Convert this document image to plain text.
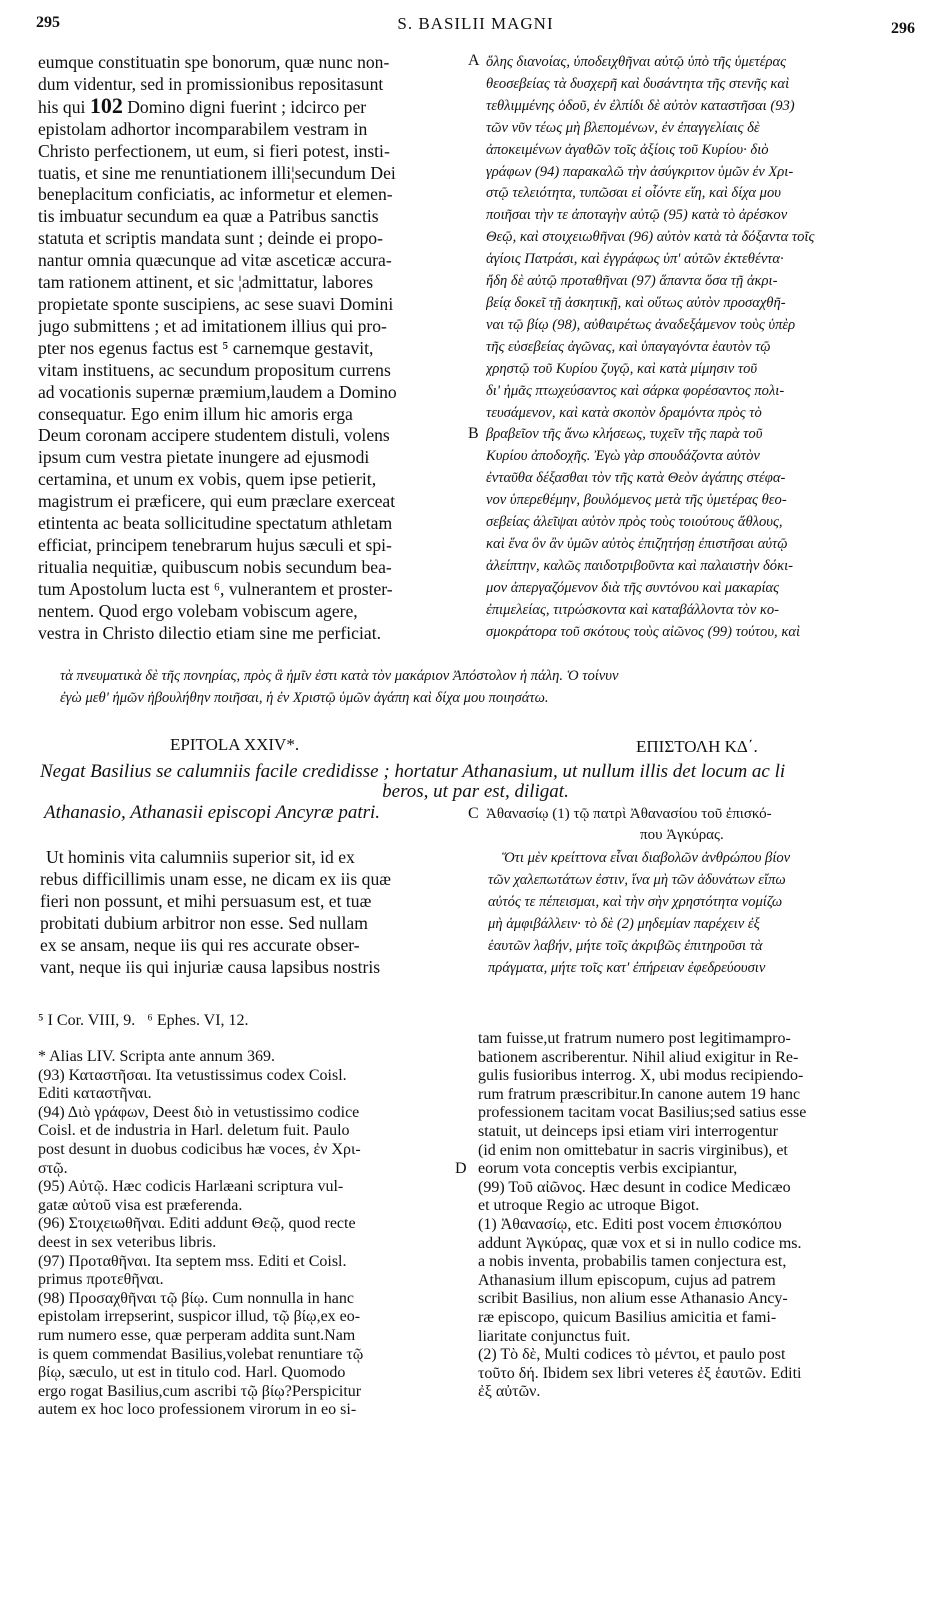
295	S. BASILII MAGNI	296
eumque constituatin spe bonorum, quæ nunc non-
dum videntur, sed in promissionibus repositasunt
his qui 102 Domino digni fuerint ; idcirco per
epistolam adhortor incomparabilem vestram in
Christo perfectionem, ut eum, si fieri potest, insti-
tuatis, et sine me renuntiationem illi¦secundum Dei
beneplacitum conficiatis, ac informetur et elemen-
tis imbuatur secundum ea quæ a Patribus sanctis
statuta et scriptis mandata sunt ; deinde ei propo-
nantur omnia quæcunque ad vitæ asceticæ accura-
tam rationem attinent, et sic ¦admittatur, labores
propietate sponte suscipiens, ac sese suavi Domini
jugo submittens ; et ad imitationem illius qui pro-
pter nos egenus factus est ⁵ carnemque gestavit,
vitam instituens, ac secundum propositum currens
ad vocationis supernæ præmium,laudem a Domino
consequatur. Ego enim illum hic amoris erga
Deum coronam accipere studentem distuli, volens
ipsum cum vestra pietate inungere ad ejusmodi
certamina, et unum ex vobis, quem ipse petierit,
magistrum ei præficere, qui eum præclare exerceat
etintenta ac beata sollicitudine spectatum athletam
efficiat, principem tenebrarum hujus sæculi et spi-
ritualia nequitiæ, quibuscum nobis secundum bea-
tum Apostolum lucta est ⁶, vulnerantem et proster-
nentem. Quod ergo volebam vobiscum agere,
vestra in Christo dilectio etiam sine me perficiat.
ὅλης διανοίας, ὑποδειχθῆναι αὐτῷ ὑπὸ τῆς ὑμετέρας
θεοσεβείας τὰ δυσχερῆ καὶ δυσάντητα τῆς στενῆς καὶ
τεθλιμμένης ὁδοῦ, ἐν ἐλπίδι δὲ αὐτὸν καταστῆσαι (93)
τῶν νῦν τέως μὴ βλεπομένων, ἐν ἐπαγγελίαις δὲ
ἀποκειμένων ἀγαθῶν τοῖς ἀξίοις τοῦ Κυρίου· διὸ
γράφων (94) παρακαλῶ τὴν ἀσύγκριτον ὑμῶν ἐν Χρι-
στῷ τελειότητα, τυπῶσαι εἰ οἷόντε εἴη, καὶ δίχα μου
ποιῆσαι τὴν τε ἀποταγὴν αὐτῷ (95) κατὰ τὸ ἀρέσκον
Θεῷ, καὶ στοιχειωθῆναι (96) αὐτὸν κατὰ τὰ δόξαντα τοῖς
ἁγίοις Πατράσι, καὶ ἐγγράφως ὑπ' αὐτῶν ἐκτεθέντα·
ἤδη δὲ αὐτῷ προταθῆναι (97) ἅπαντα ὅσα τῇ ἀκρι-
βείᾳ δοκεῖ τῇ ἀσκητικῇ, καὶ οὕτως αὐτὸν προσαχθῆ-
ναι τῷ βίῳ (98), αὐθαιρέτως ἀναδεξάμενον τοὺς ὑπὲρ
τῆς εὐσεβείας ἀγῶνας, καὶ ὑπαγαγόντα ἑαυτὸν τῷ
χρηστῷ τοῦ Κυρίου ζυγῷ, καὶ κατὰ μίμησιν τοῦ
δι' ἡμᾶς πτωχεύσαντος καὶ σάρκα φορέσαντος πολι-
τευσάμενον, καὶ κατὰ σκοπὸν δραμόντα πρὸς τὸ
βραβεῖον τῆς ἄνω κλήσεως, τυχεῖν τῆς παρὰ τοῦ
Κυρίου ἀποδοχῆς. Ἐγὼ γὰρ σπουδάζοντα αὐτὸν
ἐνταῦθα δέξασθαι τὸν τῆς κατὰ Θεὸν ἀγάπης στέφα-
νον ὑπερεθέμην, βουλόμενος μετὰ τῆς ὑμετέρας θεο-
σεβείας ἀλεῖψαι αὐτὸν πρὸς τοὺς τοιούτους ἄθλους,
καὶ ἕνα ὃν ἂν ὑμῶν αὐτὸς ἐπιζητήσῃ ἐπιστῆσαι αὐτῷ
ἀλείπτην, καλῶς παιδοτριβοῦντα καὶ παλαιστὴν δόκι-
μον ἀπεργαζόμενον διὰ τῆς συντόνου καὶ μακαρίας
ἐπιμελείας, τιτρώσκοντα καὶ καταβάλλοντα τὸν κο-
σμοκράτορα τοῦ σκότους τοὺς αἰῶνος (99) τούτου, καὶ
A
B
τὰ πνευματικὰ δὲ τῆς πονηρίας, πρὸς ἃ ἡμῖν ἐστι κατὰ τὸν μακάριον Ἀπόστολον ἡ πάλη. Ὁ τοίνυν
ἐγὼ μεθ' ἡμῶν ἠβουλήθην ποιῆσαι, ἡ ἐν Χριστῷ ὑμῶν ἀγάπη καὶ δίχα μου ποιησάτω.
EPITOLA XXIV*.	ΕΠΙΣΤΟΛΗ ΚΔ΄.
Negat Basilius se calumniis facile credidisse ; hortatur Athanasium, ut nullum illis det locum ac li
beros, ut par est, diligat.
Athanasio, Athanasii episcopi Ancyræ patri.	C Ἀθανασίῳ (1) τῷ πατρὶ Ἀθανασίου τοῦ ἐπισκό-
που Ἀγκύρας.
Ut hominis vita calumniis superior sit, id ex
rebus difficillimis unam esse, ne dicam ex iis quæ
fieri non possunt, et mihi persuasum est, et tuæ
probitati dubium arbitror non esse. Sed nullam
ex se ansam, neque iis qui res accurate obser-
vant, neque iis qui injuriæ causa lapsibus nostris
Ὅτι μὲν κρείττονα εἶναι διαβολῶν ἀνθρώπου βίον
τῶν χαλεπωτάτων ἐστιν, ἵνα μὴ τῶν ἀδυνάτων εἴπω
αὐτός τε πέπεισμαι, καὶ τὴν σὴν χρηστότητα νομίζω
μὴ ἀμφιβάλλειν· τὸ δὲ (2) μηδεμίαν παρέχειν ἐξ
ἑαυτῶν λαβήν, μήτε τοῖς ἀκριβῶς ἐπιτηροῦσι τὰ
πράγματα, μήτε τοῖς κατ' ἐπήρειαν ἐφεδρεύουσιν
⁵ I Cor. VIII, 9.   ⁶ Ephes. VI, 12.
* Alias LIV. Scripta ante annum 369.
(93) Καταστῆσαι. Ita vetustissimus codex Coisl.
Editi καταστῆναι.
(94) Διὸ γράφων, Deest διὸ in vetustissimo codice
Coisl. et de industria in Harl. deletum fuit. Paulo
post desunt in duobus codicibus hæ voces, ἐν Χρι-
στῷ.
(95) Αὐτῷ. Hæc codicis Harlæani scriptura vul-
gatæ αὐτοῦ visa est præferenda.
(96) Στοιχειωθῆναι. Editi addunt Θεῷ, quod recte
deest in sex veteribus libris.
(97) Προταθῆναι. Ita septem mss. Editi et Coisl.
primus προτεθῆναι.
(98) Προσαχθῆναι τῷ βίῳ. Cum nonnulla in hanc
epistolam irrepserint, suspicor illud, τῷ βίῳ,ex eo-
rum numero esse, quæ perperam addita sunt.Nam
is quem commendat Basilius,volebat renuntiare τῷ
βίῳ, sæculo, ut est in titulo cod. Harl. Quomodo
ergo rogat Basilius,cum ascribi τῷ βίῳ?Perspicitur
autem ex hoc loco professionem virorum in eo si-
D
tam fuisse,ut fratrum numero post legitimampro-
bationem ascriberentur. Nihil aliud exigitur in Re-
gulis fusioribus interrog. X, ubi modus recipiendo-
rum fratrum præscribitur.In canone autem 19 hanc
professionem tacitam vocat Basilius;sed satius esse
statuit, ut deinceps ipsi etiam viri interrogentur
(id enim non omittebatur in sacris virginibus), et
eorum vota conceptis verbis excipiantur,
(99) Τοῦ αἰῶνος. Hæc desunt in codice Medicæo
et utroque Regio ac utroque Bigot.
(1) Ἀθανασίῳ, etc. Editi post vocem ἐπισκόπου
addunt Ἀγκύρας, quæ vox et si in nullo codice ms.
a nobis inventa, probabilis tamen conjectura est,
Athanasium illum episcopum, cujus ad patrem
scribit Basilius, non alium esse Athanasio Ancy-
ræ episcopo, quicum Basilius amicitia et fami-
liaritate conjunctus fuit.
(2) Τὸ δὲ, Multi codices τὸ μέντοι, et paulo post
τοῦτο δή. Ibidem sex libri veteres ἐξ ἑαυτῶν. Editi
ἐξ αὐτῶν.
